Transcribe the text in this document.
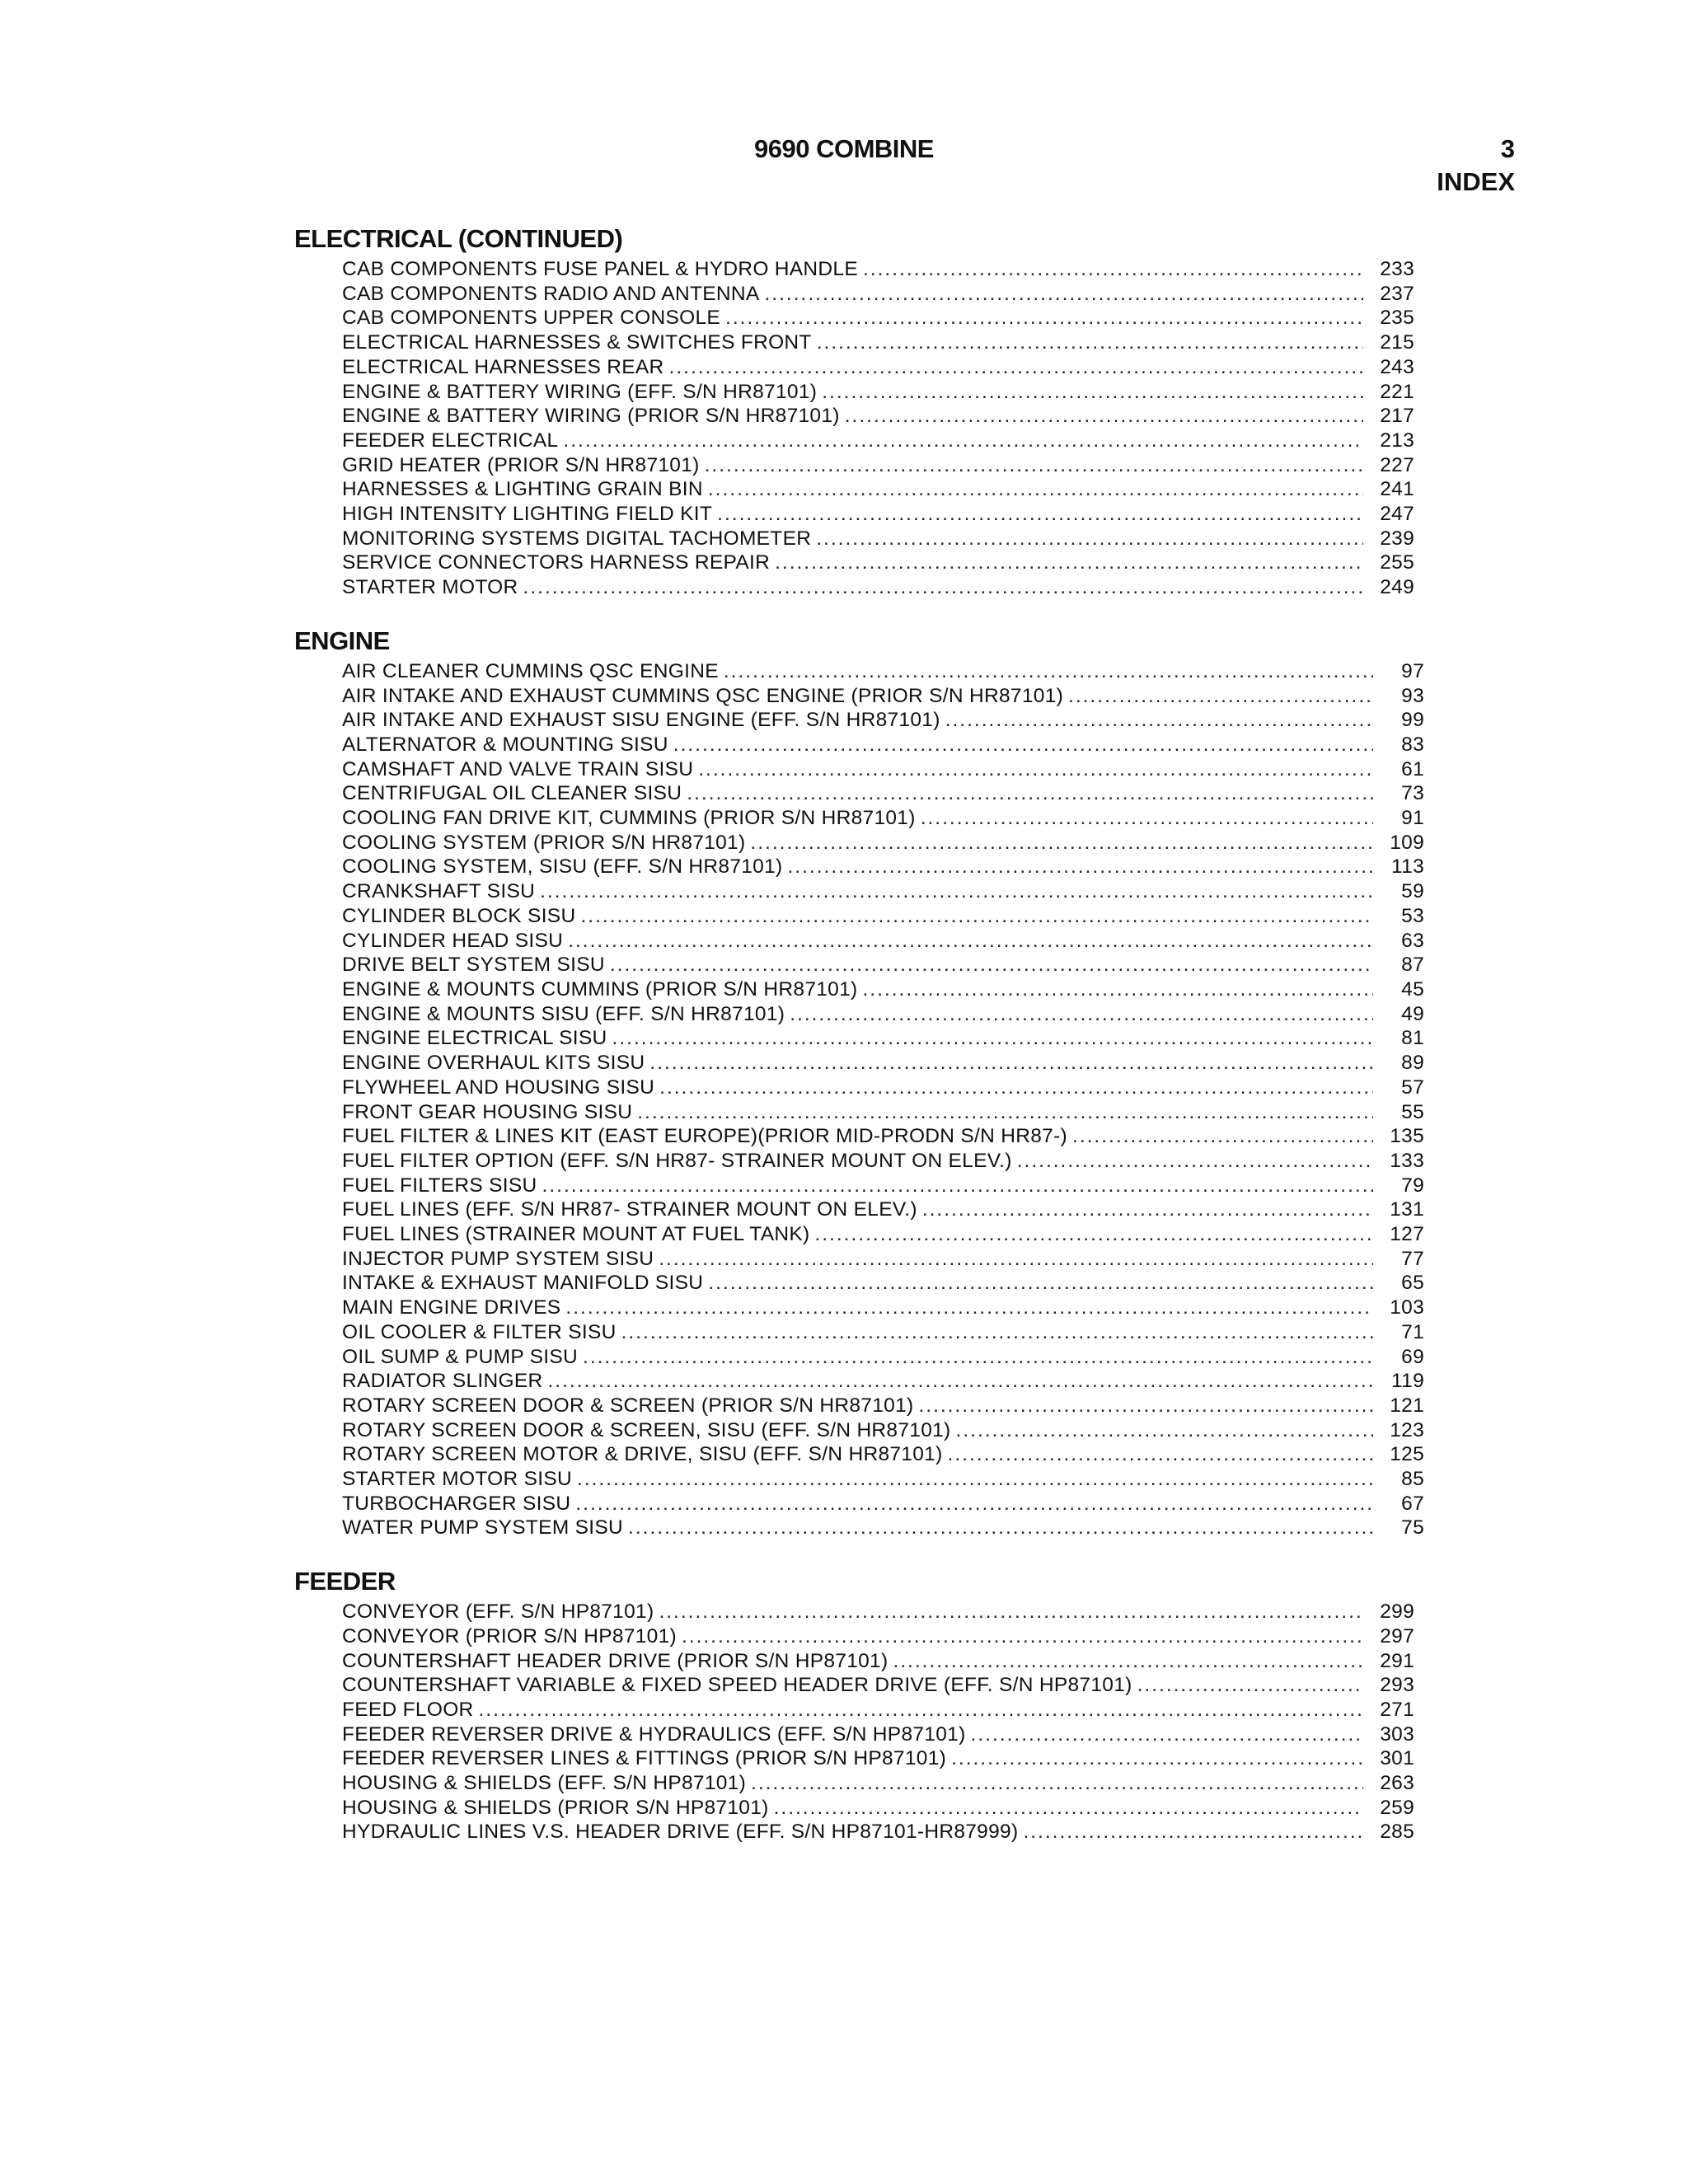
9690 COMBINE	3
INDEX
ELECTRICAL (CONTINUED)
CAB COMPONENTS FUSE PANEL & HYDRO HANDLE .....	233
CAB COMPONENTS RADIO AND ANTENNA .....	237
CAB COMPONENTS UPPER CONSOLE .....	235
ELECTRICAL HARNESSES & SWITCHES FRONT .....	215
ELECTRICAL HARNESSES REAR .....	243
ENGINE & BATTERY WIRING (EFF. S/N HR87101) .....	221
ENGINE & BATTERY WIRING (PRIOR S/N HR87101) .....	217
FEEDER ELECTRICAL .....	213
GRID HEATER (PRIOR S/N HR87101) .....	227
HARNESSES & LIGHTING GRAIN BIN .....	241
HIGH INTENSITY LIGHTING FIELD KIT .....	247
MONITORING SYSTEMS DIGITAL TACHOMETER .....	239
SERVICE CONNECTORS HARNESS REPAIR .....	255
STARTER MOTOR .....	249
ENGINE
AIR CLEANER CUMMINS QSC ENGINE .....	97
AIR INTAKE AND EXHAUST CUMMINS QSC ENGINE (PRIOR S/N HR87101) .....	93
AIR INTAKE AND EXHAUST SISU ENGINE (EFF. S/N HR87101) .....	99
ALTERNATOR & MOUNTING SISU .....	83
CAMSHAFT AND VALVE TRAIN SISU .....	61
CENTRIFUGAL OIL CLEANER SISU .....	73
COOLING FAN DRIVE KIT, CUMMINS (PRIOR S/N HR87101) .....	91
COOLING SYSTEM (PRIOR S/N HR87101) .....	109
COOLING SYSTEM, SISU (EFF. S/N HR87101) .....	113
CRANKSHAFT SISU .....	59
CYLINDER BLOCK SISU .....	53
CYLINDER HEAD SISU .....	63
DRIVE BELT SYSTEM SISU .....	87
ENGINE & MOUNTS CUMMINS (PRIOR S/N HR87101) .....	45
ENGINE & MOUNTS SISU (EFF. S/N HR87101) .....	49
ENGINE ELECTRICAL SISU .....	81
ENGINE OVERHAUL KITS SISU .....	89
FLYWHEEL AND HOUSING SISU .....	57
FRONT GEAR HOUSING SISU .....	55
FUEL FILTER & LINES KIT (EAST EUROPE)(PRIOR MID-PRODN S/N HR87-) .....	135
FUEL FILTER OPTION (EFF. S/N HR87- STRAINER MOUNT ON ELEV.) .....	133
FUEL FILTERS SISU .....	79
FUEL LINES (EFF. S/N HR87- STRAINER MOUNT ON ELEV.) .....	131
FUEL LINES (STRAINER MOUNT AT FUEL TANK) .....	127
INJECTOR PUMP SYSTEM SISU .....	77
INTAKE & EXHAUST MANIFOLD SISU .....	65
MAIN ENGINE DRIVES .....	103
OIL COOLER & FILTER SISU .....	71
OIL SUMP & PUMP SISU .....	69
RADIATOR SLINGER .....	119
ROTARY SCREEN DOOR & SCREEN (PRIOR S/N HR87101) .....	121
ROTARY SCREEN DOOR & SCREEN, SISU (EFF. S/N HR87101) .....	123
ROTARY SCREEN MOTOR & DRIVE, SISU (EFF. S/N HR87101) .....	125
STARTER MOTOR SISU .....	85
TURBOCHARGER SISU .....	67
WATER PUMP SYSTEM SISU .....	75
FEEDER
CONVEYOR (EFF. S/N HP87101) .....	299
CONVEYOR (PRIOR S/N HP87101) .....	297
COUNTERSHAFT HEADER DRIVE (PRIOR S/N HP87101) .....	291
COUNTERSHAFT VARIABLE & FIXED SPEED HEADER DRIVE (EFF. S/N HP87101) .....	293
FEED FLOOR .....	271
FEEDER REVERSER DRIVE & HYDRAULICS (EFF. S/N HP87101) .....	303
FEEDER REVERSER LINES & FITTINGS (PRIOR S/N HP87101) .....	301
HOUSING & SHIELDS (EFF. S/N HP87101) .....	263
HOUSING & SHIELDS (PRIOR S/N HP87101) .....	259
HYDRAULIC LINES V.S. HEADER DRIVE (EFF. S/N HP87101-HR87999) .....	285
